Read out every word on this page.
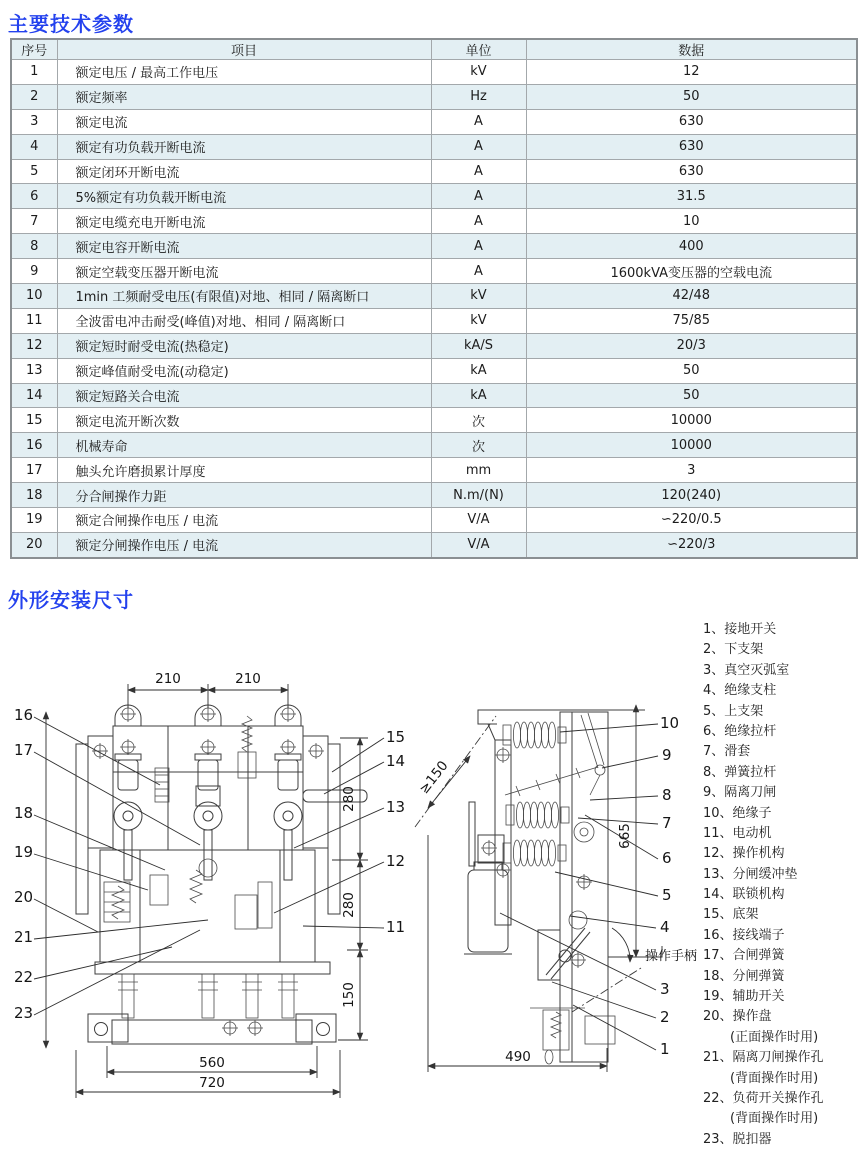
主要技术参数
序号	项目	单位	数据
1	额定电压 / 最高工作电压	kV	12
2	额定频率	Hz	50
3	额定电流	A	630
4	额定有功负载开断电流	A	630
5	额定闭环开断电流	A	630
6	5%额定有功负载开断电流	A	31.5
7	额定电缆充电开断电流	A	10
8	额定电容开断电流	A	400
9	额定空载变压器开断电流	A	1600kVA变压器的空载电流
10	1min 工频耐受电压(有限值)对地、相同 / 隔离断口	kV	42/48
11	全波雷电冲击耐受(峰值)对地、相同 / 隔离断口	kV	75/85
12	额定短时耐受电流(热稳定)	kA/S	20/3
13	额定峰值耐受电流(动稳定)	kA	50
14	额定短路关合电流	kA	50
15	额定电流开断次数	次	10000
16	机械寿命	次	10000
17	触头允许磨损累计厚度	mm	3
18	分合闸操作力距	N.m/(N)	120(240)
19	额定合闸操作电压 / 电流	V/A	∽220/0.5
20	额定分闸操作电压 / 电流	V/A	∽220/3
外形安装尺寸
210	210
280
280
150
560
720
16
17
18
19
20
21
22
23
15
14
13
12
11
≥150
操作手柄
665
490
10
9
8
7
6
5
4
3
2
1
1、接地开关
2、下支架
3、真空灭弧室
4、绝缘支柱
5、上支架
6、绝缘拉杆
7、滑套
8、弹簧拉杆
9、隔离刀闸
10、绝缘子
11、电动机
12、操作机构
13、分闸缓冲垫
14、联锁机构
15、底架
16、接线端子
17、合闸弹簧
18、分闸弹簧
19、辅助开关
20、操作盘
(正面操作时用)
21、隔离刀闸操作孔
(背面操作时用)
22、负荷开关操作孔
(背面操作时用)
23、脱扣器
